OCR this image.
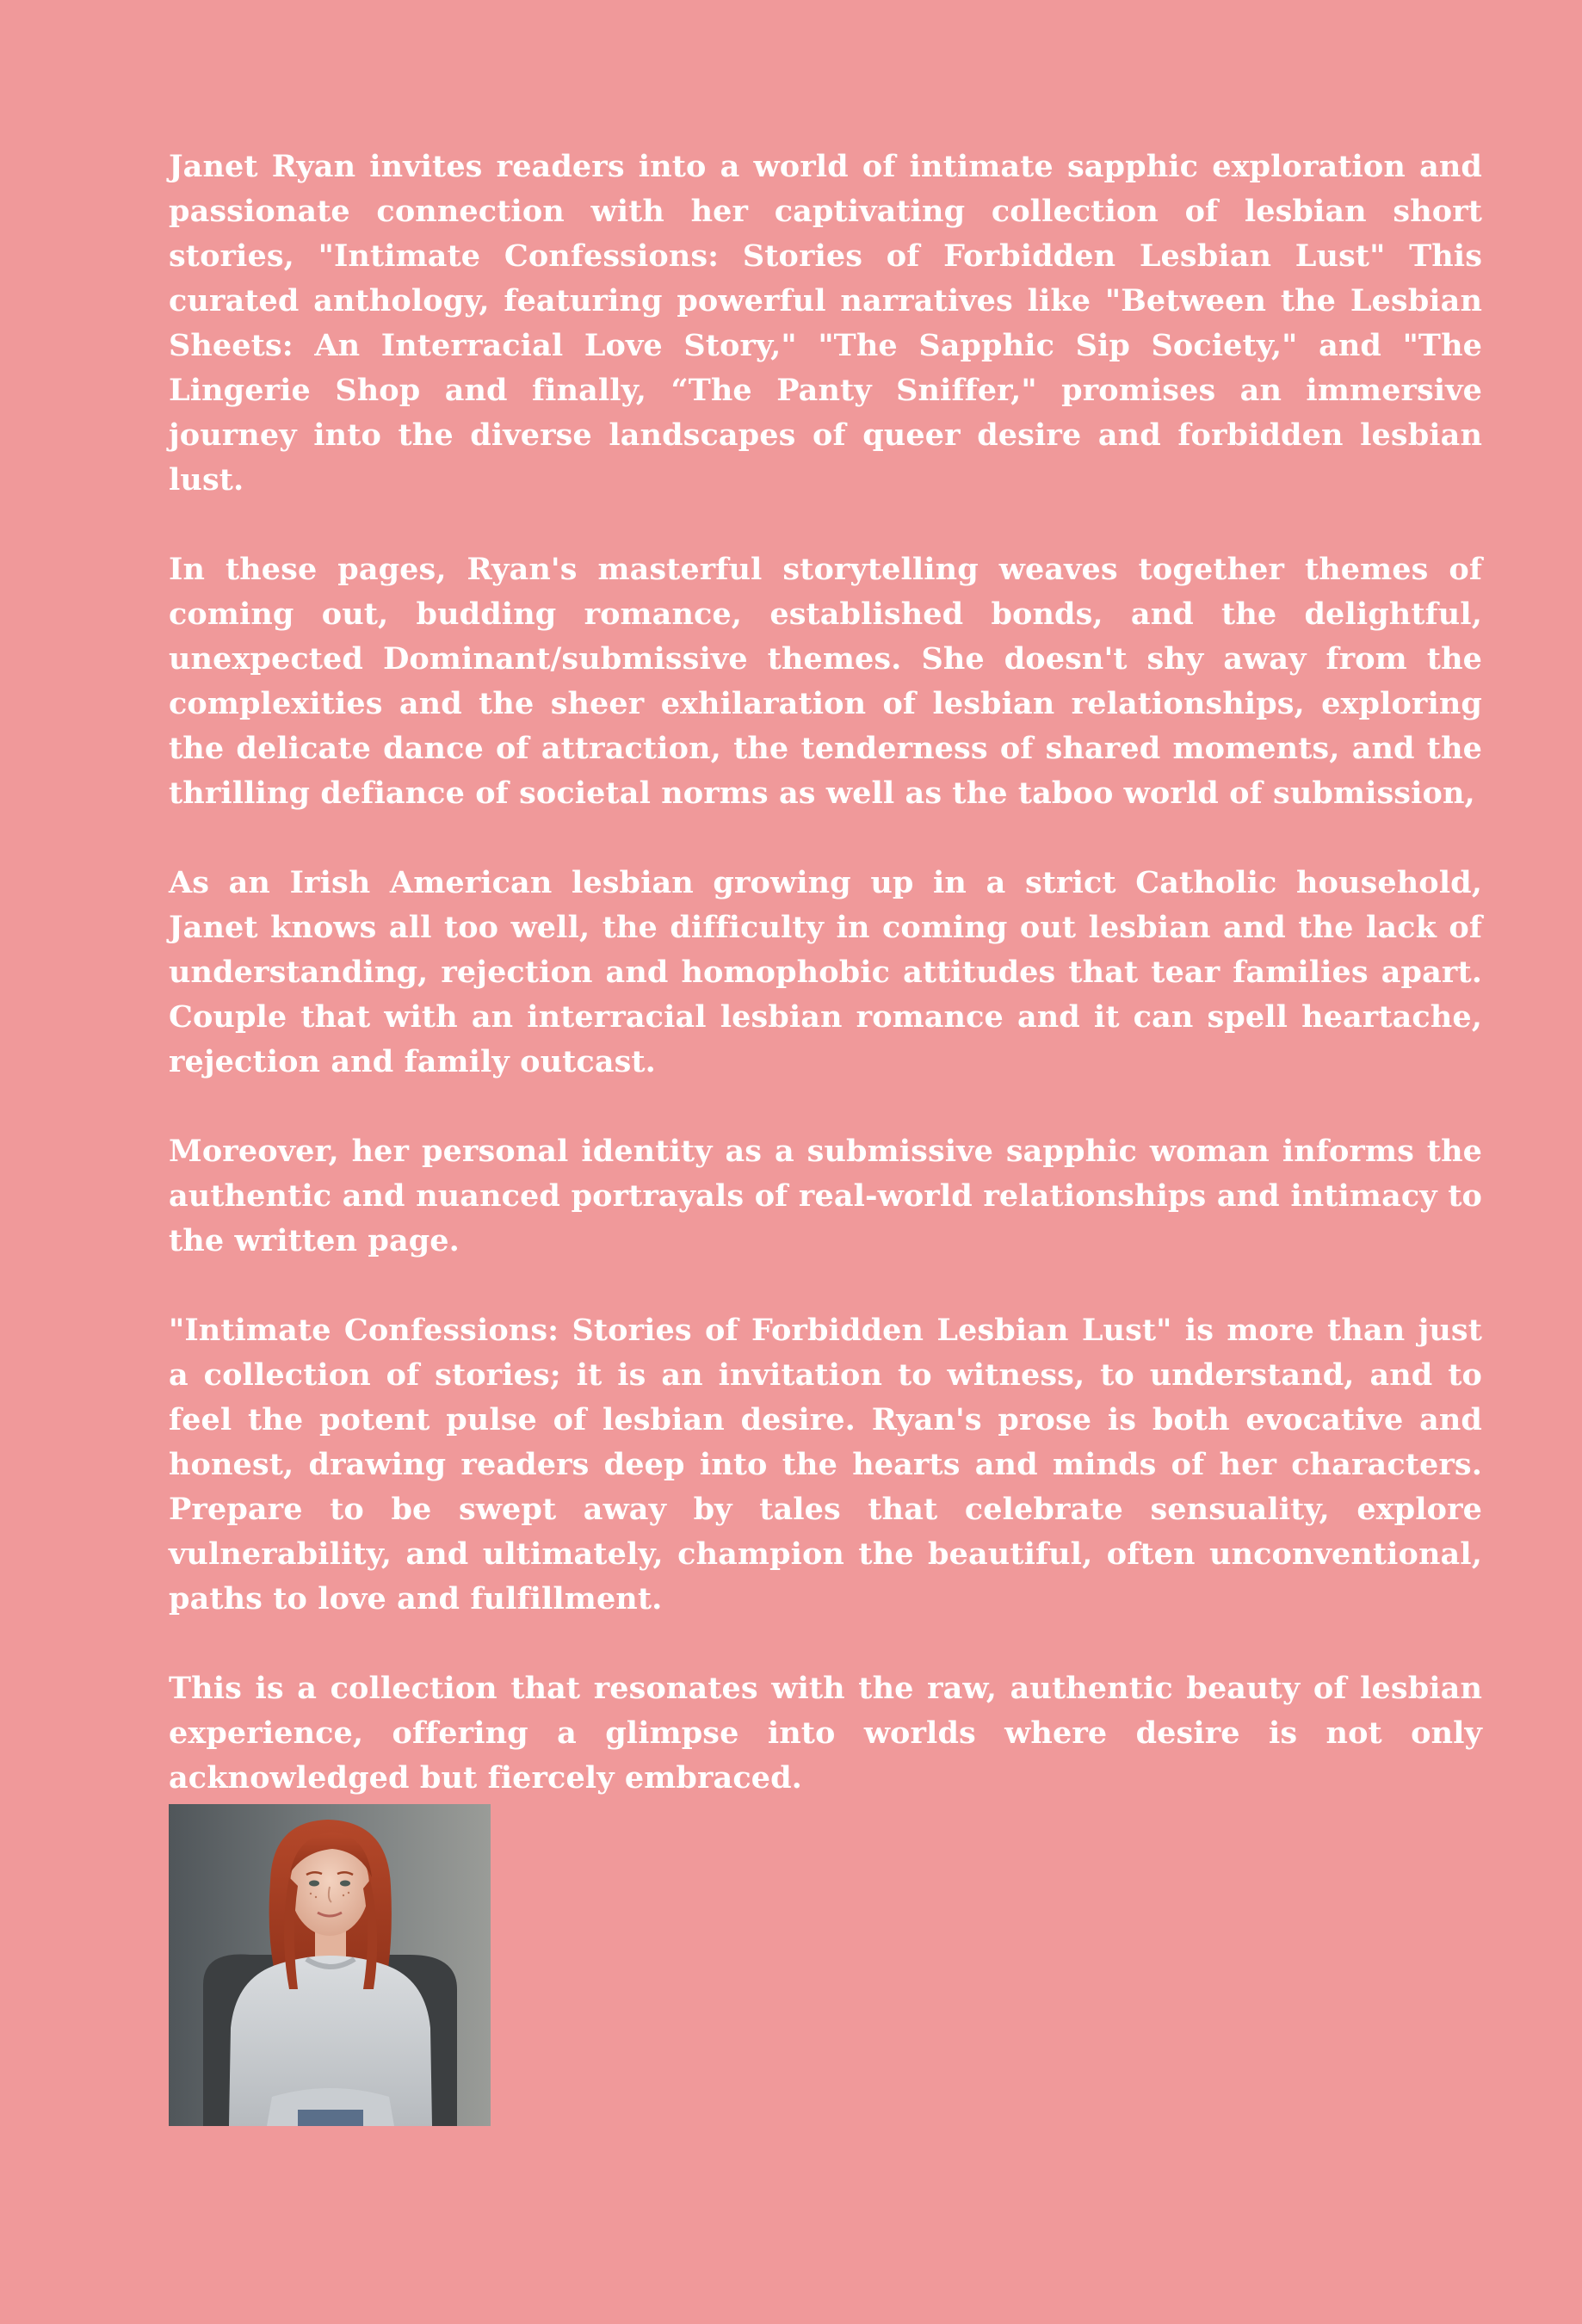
Janet Ryan invites readers into a world of intimate sapphic exploration and passionate connection with her captivating collection of lesbian short stories, "Intimate Confessions: Stories of Forbidden Lesbian Lust" This curated anthology, featuring powerful narratives like "Between the Lesbian Sheets: An Interracial Love Story," "The Sapphic Sip Society," and "The Lingerie Shop and finally, “The Panty Sniffer," promises an immersive journey into the diverse landscapes of queer desire and forbidden lesbian lust.

In these pages, Ryan's masterful storytelling weaves together themes of coming out, budding romance, established bonds, and the delightful, unexpected Dominant/submissive themes. She doesn't shy away from the complexities and the sheer exhilaration of lesbian relationships, exploring the delicate dance of attraction, the tenderness of shared moments, and the thrilling defiance of societal norms as well as the taboo world of submission,

As an Irish American lesbian growing up in a strict Catholic household, Janet knows all too well, the difficulty in coming out lesbian and the lack of understanding, rejection and homophobic attitudes that tear families apart. Couple that with an interracial lesbian romance and it can spell heartache, rejection and family outcast.

Moreover, her personal identity as a submissive sapphic woman informs the authentic and nuanced portrayals of real-world relationships and intimacy to the written page.

"Intimate Confessions: Stories of Forbidden Lesbian Lust" is more than just a collection of stories; it is an invitation to witness, to understand, and to feel the potent pulse of lesbian desire. Ryan's prose is both evocative and honest, drawing readers deep into the hearts and minds of her characters. Prepare to be swept away by tales that celebrate sensuality, explore vulnerability, and ultimately, champion the beautiful, often unconventional, paths to love and fulfillment.

This is a collection that resonates with the raw, authentic beauty of lesbian experience, offering a glimpse into worlds where desire is not only acknowledged but fiercely embraced.
